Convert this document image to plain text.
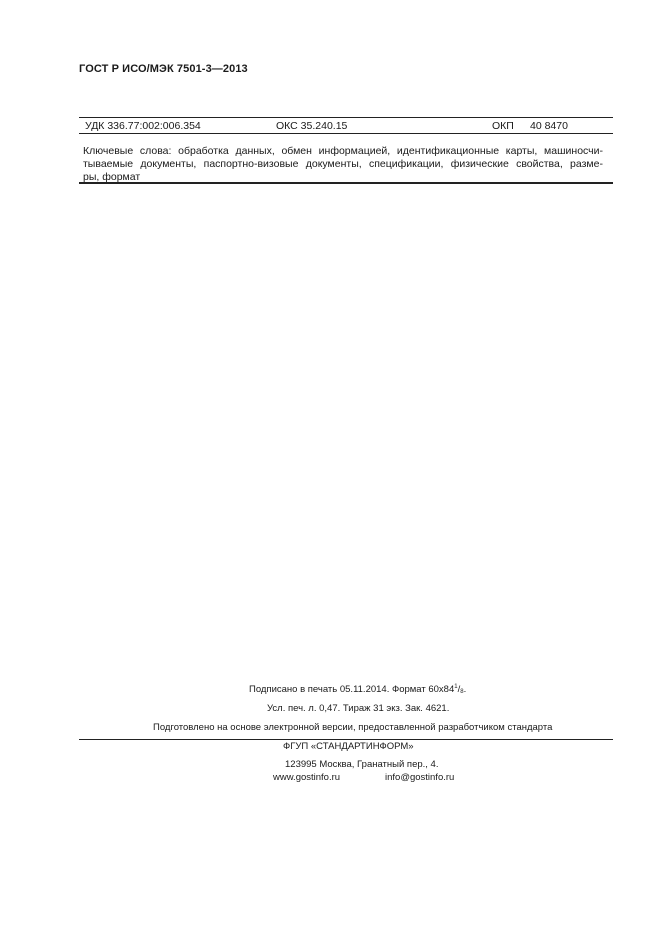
ГОСТ Р ИСО/МЭК 7501-3—2013
УДК 336.77:002:006.354	ОКС 35.240.15	ОКП 40 8470
Ключевые слова: обработка данных, обмен информацией, идентификационные карты, машиносчи-
тываемые документы, паспортно-визовые документы, спецификации, физические свойства, разме-
ры, формат
Подписано в печать 05.11.2014. Формат $60x84^1/_8$.
Усл. печ. л. 0,47. Тираж 31 экз. Зак. 4621.
Подготовлено на основе электронной версии, предоставленной разработчиком стандарта
ФГУП «СТАНДАРТИНФОРМ»
123995 Москва, Гранатный пер., 4.
www.gostinfo.ru	info@gostinfo.ru
